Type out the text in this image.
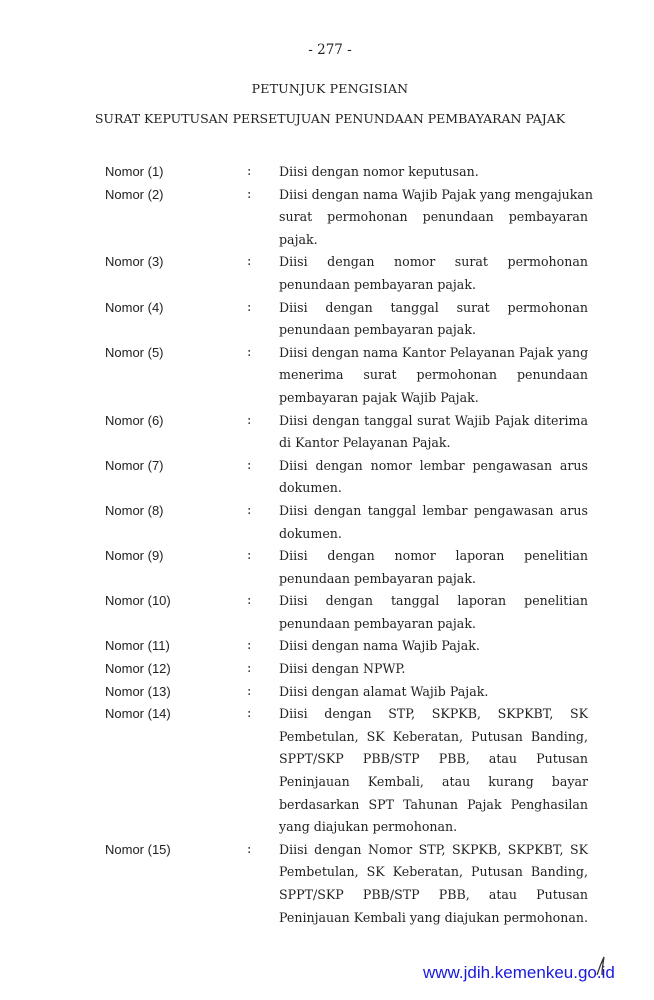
- 277 -
PETUNJUK PENGISIAN
SURAT KEPUTUSAN PERSETUJUAN PENUNDAAN PEMBAYARAN PAJAK
Nomor (1)	: Diisi dengan nomor keputusan.
Nomor (2)	: Diisi dengan nama Wajib Pajak yang mengajukan
surat permohonan penundaan pembayaran
pajak.
Nomor (3)	: Diisi dengan nomor surat permohonan
penundaan pembayaran pajak.
Nomor (4)	: Diisi dengan tanggal surat permohonan
penundaan pembayaran pajak.
Nomor (5)	: Diisi dengan nama Kantor Pelayanan Pajak yang
menerima surat permohonan penundaan
pembayaran pajak Wajib Pajak.
Nomor (6)	: Diisi dengan tanggal surat Wajib Pajak diterima
di Kantor Pelayanan Pajak.
Nomor (7)	: Diisi dengan nomor lembar pengawasan arus
dokumen.
Nomor (8)	: Diisi dengan tanggal lembar pengawasan arus
dokumen.
Nomor (9)	: Diisi dengan nomor laporan penelitian
penundaan pembayaran pajak.
Nomor (10)	: Diisi dengan tanggal laporan penelitian
penundaan pembayaran pajak.
Nomor (11)	: Diisi dengan nama Wajib Pajak.
Nomor (12)	: Diisi dengan NPWP.
Nomor (13)	: Diisi dengan alamat Wajib Pajak.
Nomor (14)	: Diisi dengan STP, SKPKB, SKPKBT, SK
Pembetulan, SK Keberatan, Putusan Banding,
SPPT/SKP PBB/STP PBB, atau Putusan
Peninjauan Kembali, atau kurang bayar
berdasarkan SPT Tahunan Pajak Penghasilan
yang diajukan permohonan.
Nomor (15)	: Diisi dengan Nomor STP, SKPKB, SKPKBT, SK
Pembetulan, SK Keberatan, Putusan Banding,
SPPT/SKP PBB/STP PBB, atau Putusan
Peninjauan Kembali yang diajukan permohonan.
www.jdih.kemenkeu.go.id
